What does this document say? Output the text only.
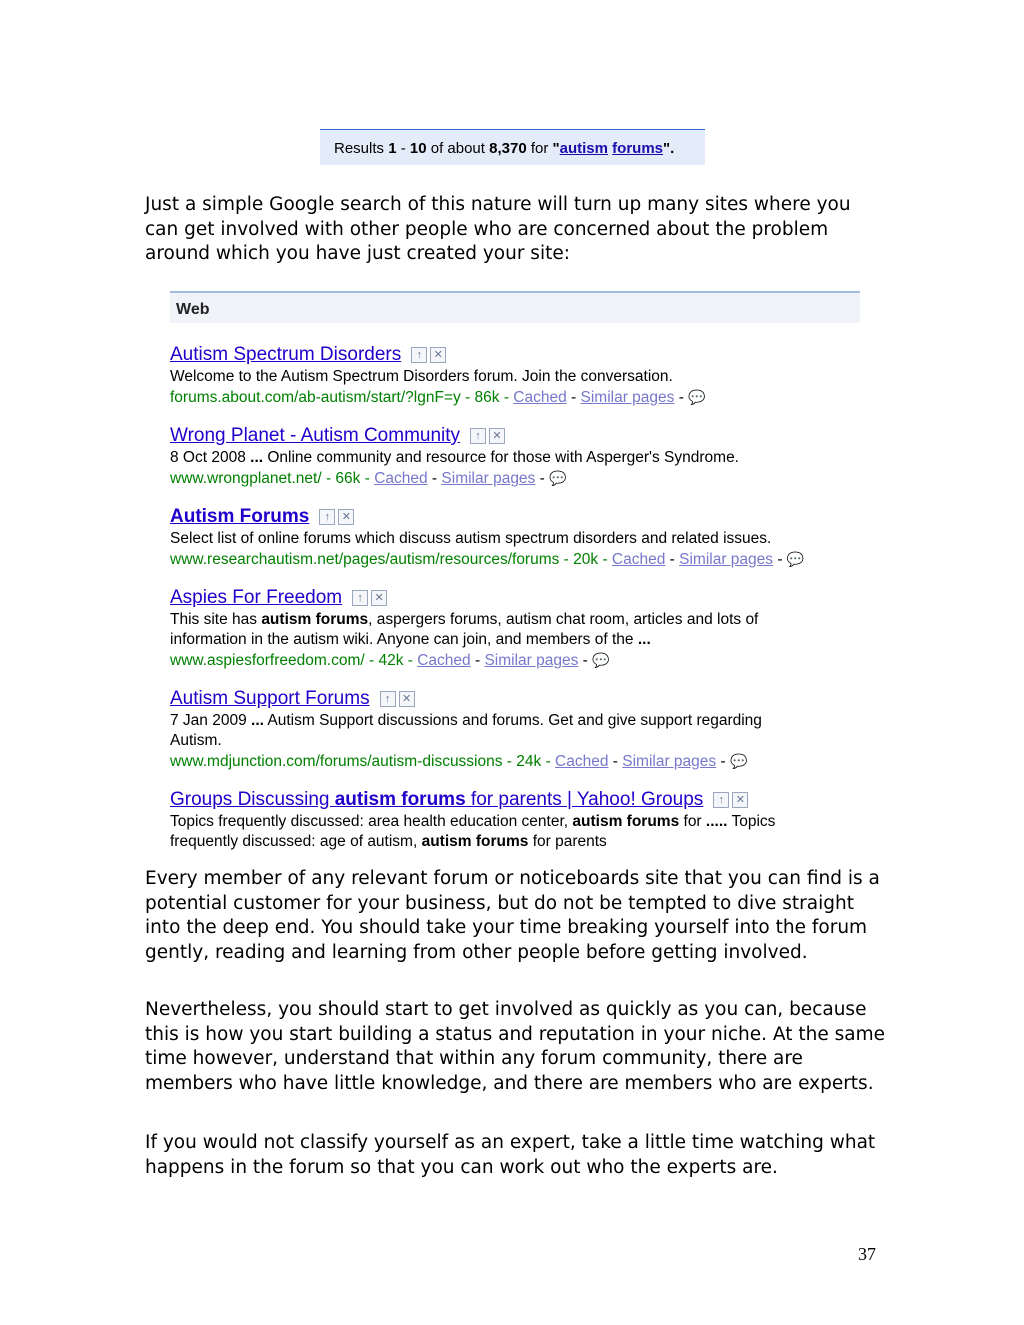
Results 1 - 10 of about 8,370 for "autism forums".

Just a simple Google search of this nature will turn up many sites where you can get involved with other people who are concerned about the problem around which you have just created your site:

Web
Autism Spectrum Disorders	↑	✕
Welcome to the Autism Spectrum Disorders forum. Join the conversation.
forums.about.com/ab-autism/start/?lgnF=y - 86k - Cached - Similar pages - 💬
Wrong Planet - Autism Community	↑	✕
8 Oct 2008 ... Online community and resource for those with Asperger's Syndrome.
www.wrongplanet.net/ - 66k - Cached - Similar pages - 💬
Autism Forums	↑	✕
Select list of online forums which discuss autism spectrum disorders and related issues.
www.researchautism.net/pages/autism/resources/forums - 20k - Cached - Similar pages - 💬
Aspies For Freedom	↑	✕
This site has autism forums, aspergers forums, autism chat room, articles and lots of
information in the autism wiki. Anyone can join, and members of the ...
www.aspiesforfreedom.com/ - 42k - Cached - Similar pages - 💬
Autism Support Forums	↑	✕
7 Jan 2009 ... Autism Support discussions and forums. Get and give support regarding
Autism.
www.mdjunction.com/forums/autism-discussions - 24k - Cached - Similar pages - 💬
Groups Discussing autism forums for parents | Yahoo! Groups	↑	✕
Topics frequently discussed: area health education center, autism forums for ..... Topics
frequently discussed: age of autism, autism forums for parents

Every member of any relevant forum or noticeboards site that you can find is a potential customer for your business, but do not be tempted to dive straight into the deep end. You should take your time breaking yourself into the forum gently, reading and learning from other people before getting involved.

Nevertheless, you should start to get involved as quickly as you can, because this is how you start building a status and reputation in your niche. At the same time however, understand that within any forum community, there are members who have little knowledge, and there are members who are experts.

If you would not classify yourself as an expert, take a little time watching what happens in the forum so that you can work out who the experts are.

37
